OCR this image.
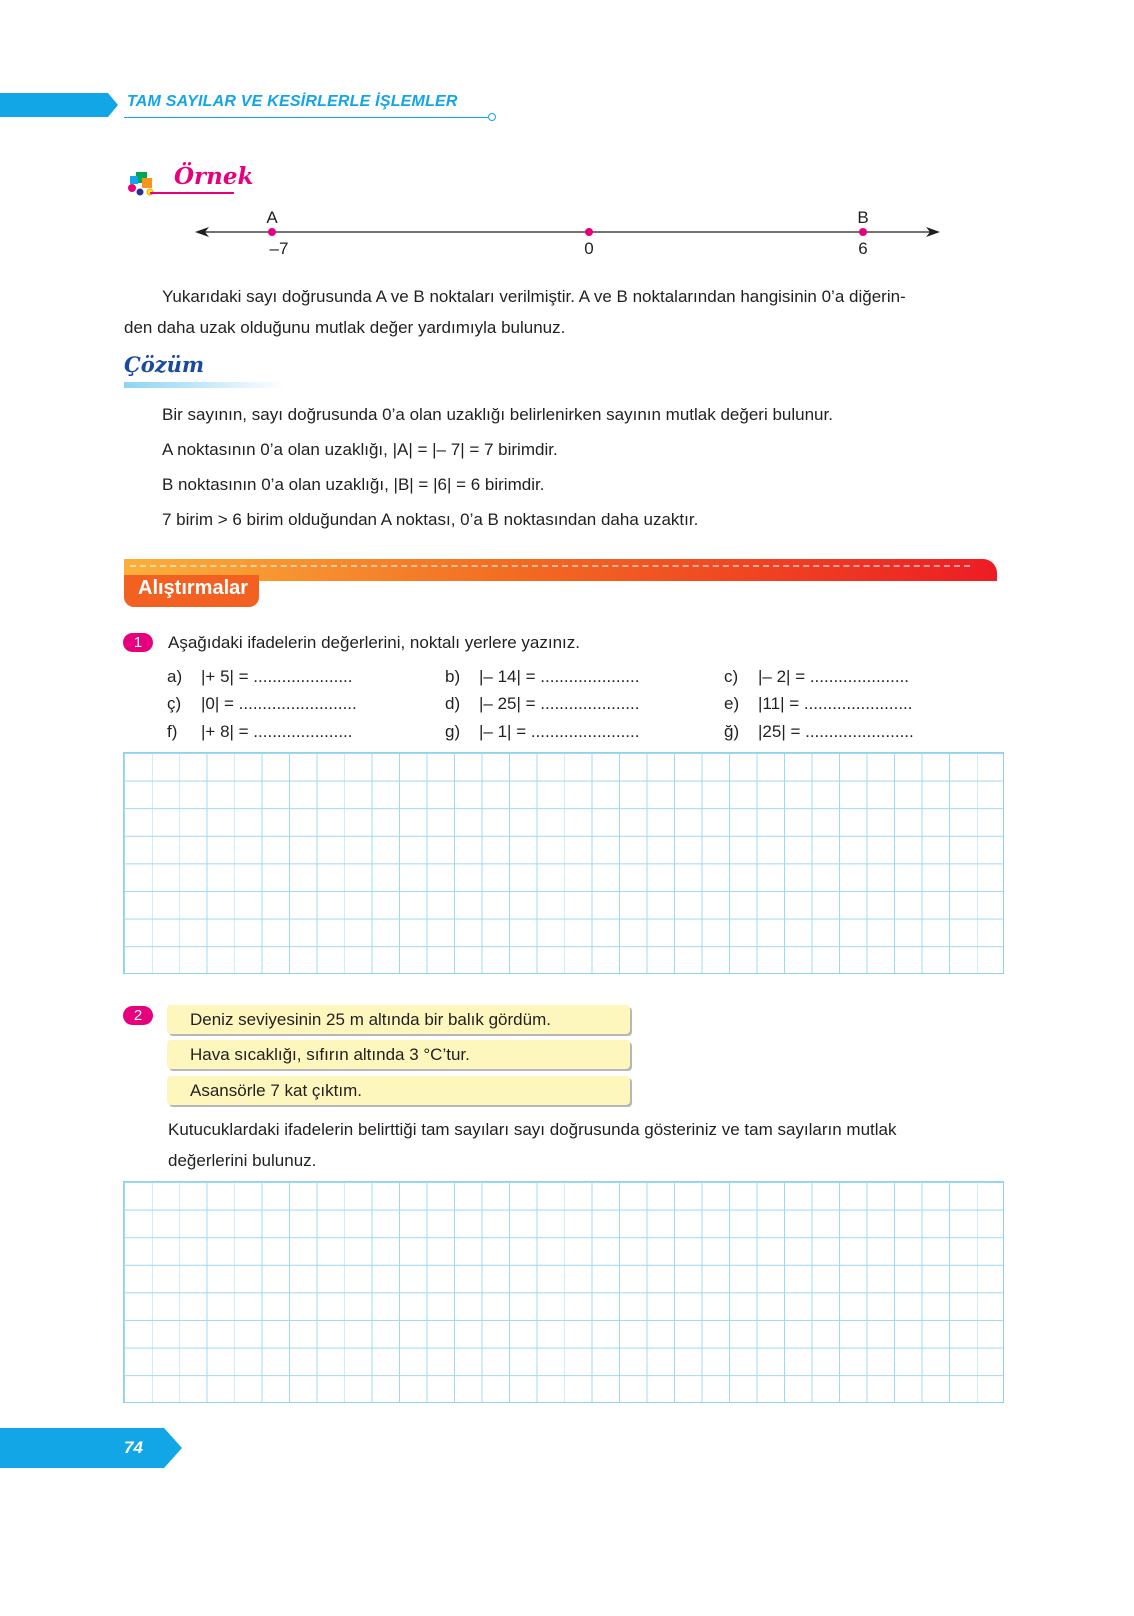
TAM SAYILAR VE KESİRLERLE İŞLEMLER
Örnek
A
–7	0
B
6
Yukarıdaki sayı doğrusunda A ve B noktaları verilmiştir. A ve B noktalarından hangisinin 0’a diğerin-
den daha uzak olduğunu mutlak değer yardımıyla bulunuz.
Çözüm
Bir sayının, sayı doğrusunda 0’a olan uzaklığı belirlenirken sayının mutlak değeri bulunur.
A noktasının 0’a olan uzaklığı, |A| = |– 7| = 7 birimdir.
B noktasının 0’a olan uzaklığı, |B| = |6| = 6 birimdir.
7 birim > 6 birim olduğundan A noktası, 0’a B noktasından daha uzaktır.
Alıştırmalar
1	Aşağıdaki ifadelerin değerlerini, noktalı yerlere yazınız.
a) |+ 5| = .....................	b) |– 14| = .....................	c) |– 2| = .....................
ç) |0| = .........................	d) |– 25| = .....................	e) |11| = .......................
f) |+ 8| = .....................	g) |– 1| = .......................	ğ) |25| = .......................
2	Deniz seviyesinin 25 m altında bir balık gördüm.
Hava sıcaklığı, sıfırın altında 3 °C’tur.
Asansörle 7 kat çıktım.
Kutucuklardaki ifadelerin belirttiği tam sayıları sayı doğrusunda gösteriniz ve tam sayıların mutlak
değerlerini bulunuz.
74
